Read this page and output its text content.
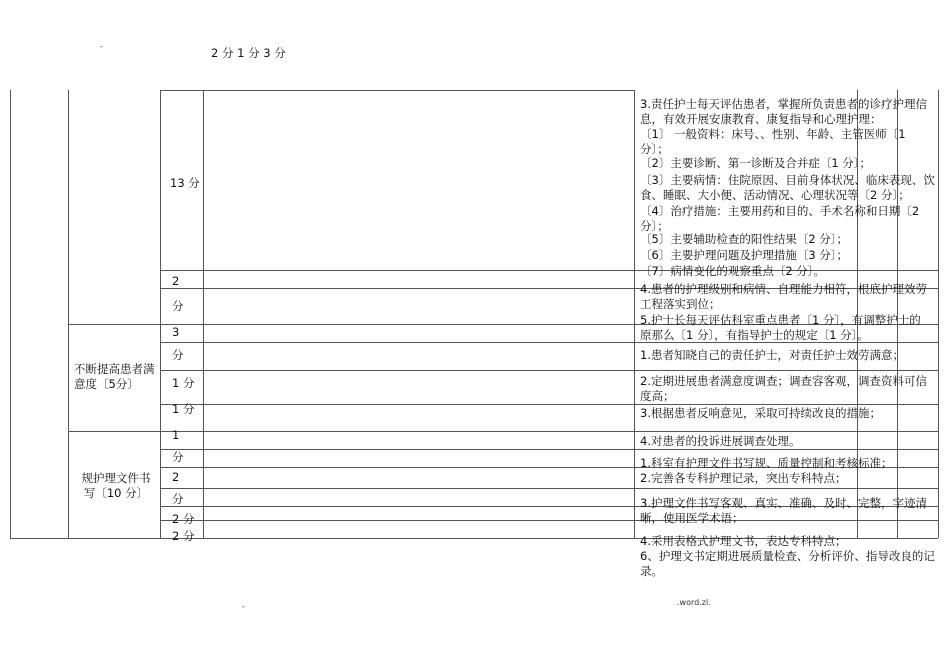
-	2 分 1 分 3 分
不断提高患者满意度〔5分〕
规护理文件书写〔10 分〕
13 分
2
分
3
分
1 分
1 分
1
分
2
分
2 分
2 分
3.责任护士每天评估患者，掌握所负责患者的诊疗护理信息，有效开展安康教育、康复指导和心理护理：
〔1〕 一般资料：床号、、性别、年龄、主管医师〔1 分〕；
〔2〕主要诊断、第一诊断及合并症〔1 分〕；
〔3〕主要病情：住院原因、目前身体状况、临床表现、饮食、睡眠、大小便、活动情况、心理状况等〔2 分〕；
〔4〕治疗措施：主要用药和目的、手术名称和日期〔2 分〕；
〔5〕主要辅助检查的阳性结果〔2 分〕；
〔6〕主要护理问题及护理措施〔3 分〕；
〔7〕病情变化的观察重点〔2 分〕。
4.患者的护理级别和病情、自理能力相符，根底护理效劳工程落实到位；
5.护士长每天评估科室重点患者〔1 分〕，有调整护士的
原那么〔1 分〕，有指导护士的规定〔1 分〕。
1.患者知晓自己的责任护士，对责任护士效劳满意；
2.定期进展患者满意度调查；调查容客观，调查资料可信度高；
3.根据患者反响意见，采取可持续改良的措施；
4.对患者的投诉进展调查处理。
1.科室有护理文件书写规、质量控制和考核标准；
2.完善各专科护理记录，突出专科特点；
3.护理文件书写客观、真实、准确、及时、完整，字迹清晰，使用医学术语；
4.采用表格式护理文书，表达专科特点；
6、护理文书定期进展质量检查、分析评价、指导改良的记录。
-	.word.zl.
